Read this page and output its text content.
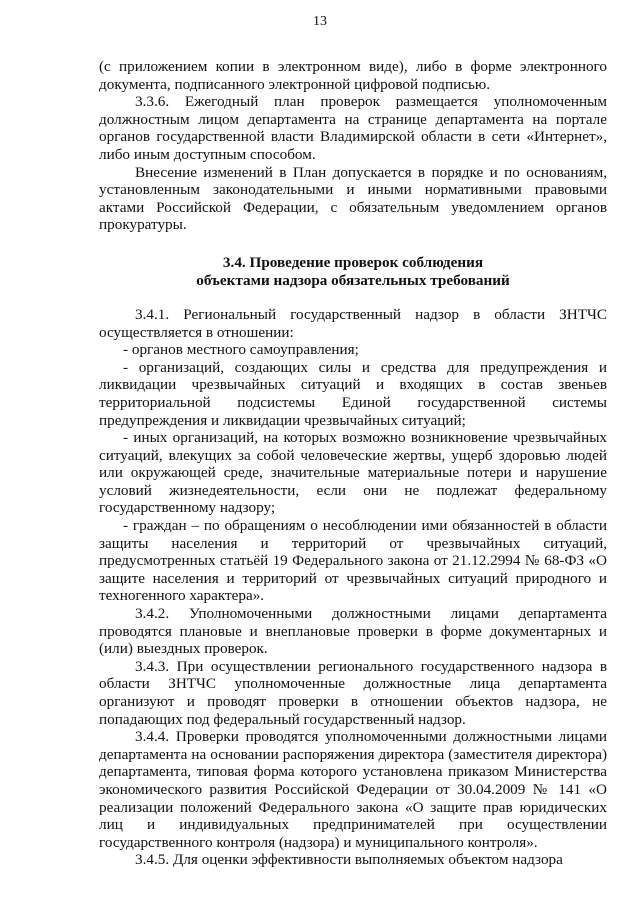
13

(с приложением копии в электронном виде), либо в форме электронного документа, подписанного электронной цифровой подписью.

3.3.6. Ежегодный план проверок размещается уполномоченным должностным лицом департамента на странице департамента на портале органов государственной власти Владимирской области в сети «Интернет», либо иным доступным способом.

Внесение изменений в План допускается в порядке и по основаниям, установленным законодательными и иными нормативными правовыми актами Российской Федерации, с обязательным уведомлением органов прокуратуры.

3.4. Проведение проверок соблюдения
объектами надзора обязательных требований

3.4.1. Региональный государственный надзор в области ЗНТЧС осуществляется в отношении:

- органов местного самоуправления;

- организаций, создающих силы и средства для предупреждения и ликвидации чрезвычайных ситуаций и входящих в состав звеньев территориальной подсистемы Единой государственной системы предупреждения и ликвидации чрезвычайных ситуаций;

- иных организаций, на которых возможно возникновение чрезвычайных ситуаций, влекущих за собой человеческие жертвы, ущерб здоровью людей или окружающей среде, значительные материальные потери и нарушение условий жизнедеятельности, если они не подлежат федеральному государственному надзору;

- граждан – по обращениям о несоблюдении ими обязанностей в области защиты населения и территорий от чрезвычайных ситуаций, предусмотренных статьёй 19 Федерального закона от 21.12.2994 № 68-ФЗ «О защите населения и территорий от чрезвычайных ситуаций природного и техногенного характера».

3.4.2. Уполномоченными должностными лицами департамента проводятся плановые и внеплановые проверки в форме документарных и (или) выездных проверок.

3.4.3. При осуществлении регионального государственного надзора в области ЗНТЧС уполномоченные должностные лица департамента организуют и проводят проверки в отношении объектов надзора, не попадающих под федеральный государственный надзор.

3.4.4. Проверки проводятся уполномоченными должностными лицами департамента на основании распоряжения директора (заместителя директора) департамента, типовая форма которого установлена приказом Министерства экономического развития Российской Федерации от 30.04.2009 № 141 «О реализации положений Федерального закона «О защите прав юридических лиц и индивидуальных предпринимателей при осуществлении государственного контроля (надзора) и муниципального контроля».

3.4.5. Для оценки эффективности выполняемых объектом надзора
